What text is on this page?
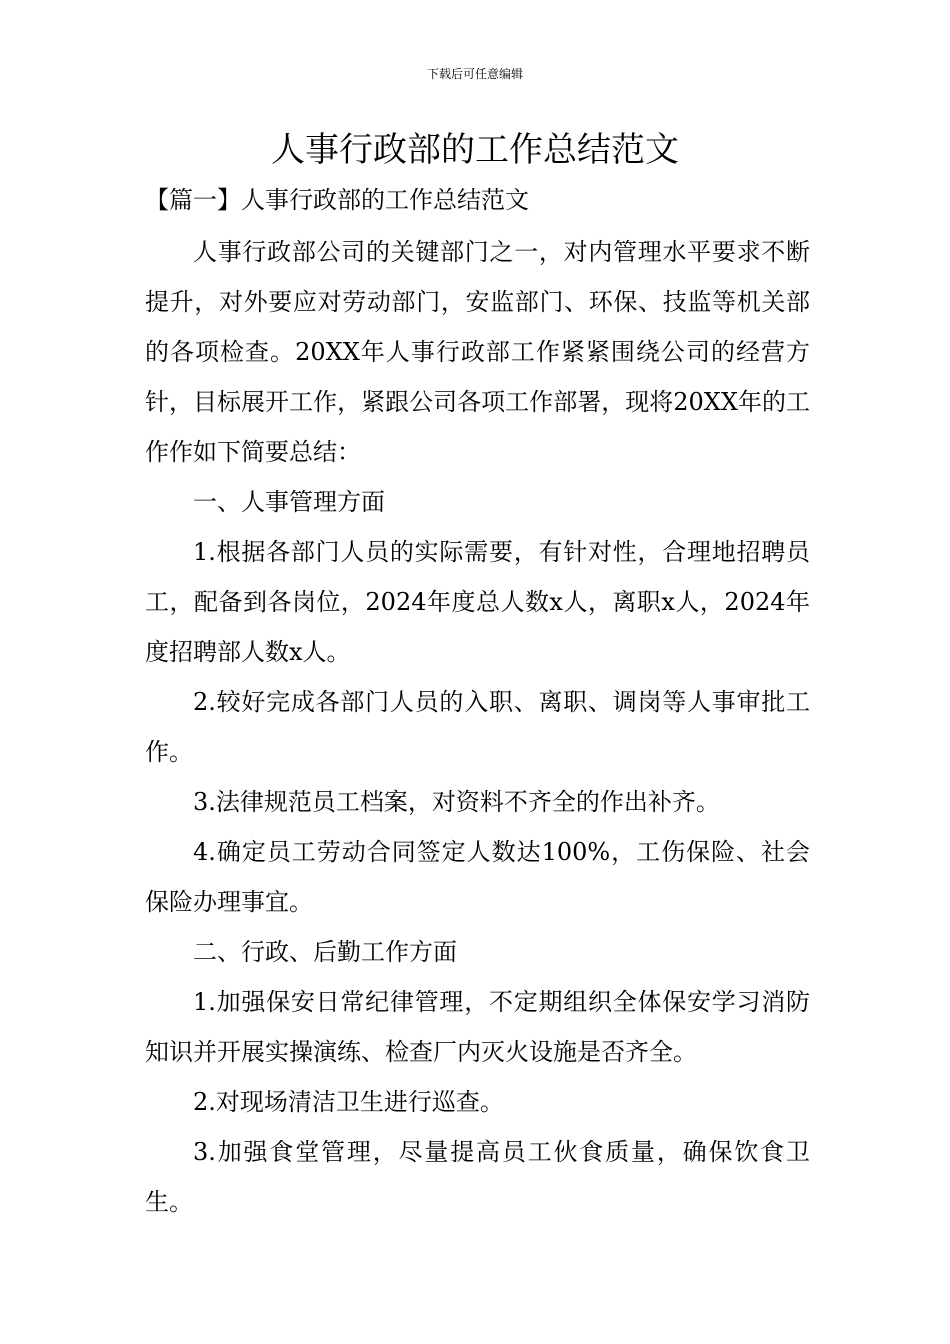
下载后可任意编辑
人事行政部的工作总结范文
【篇一】人事行政部的工作总结范文

人事行政部公司的关键部门之一，对内管理水平要求不断提升，对外要应对劳动部门，安监部门、环保、技监等机关部的各项检查。20XX年人事行政部工作紧紧围绕公司的经营方针，目标展开工作，紧跟公司各项工作部署，现将20XX年的工作作如下简要总结：

一、人事管理方面

1.根据各部门人员的实际需要，有针对性，合理地招聘员工，配备到各岗位，2024年度总人数x人，离职x人，2024年度招聘部人数x人。

2.较好完成各部门人员的入职、离职、调岗等人事审批工作。

3.法律规范员工档案，对资料不齐全的作出补齐。

4.确定员工劳动合同签定人数达100%，工伤保险、社会保险办理事宜。

二、行政、后勤工作方面

1.加强保安日常纪律管理，不定期组织全体保安学习消防知识并开展实操演练、检查厂内灭火设施是否齐全。

2.对现场清洁卫生进行巡查。

3.加强食堂管理，尽量提高员工伙食质量，确保饮食卫生。
